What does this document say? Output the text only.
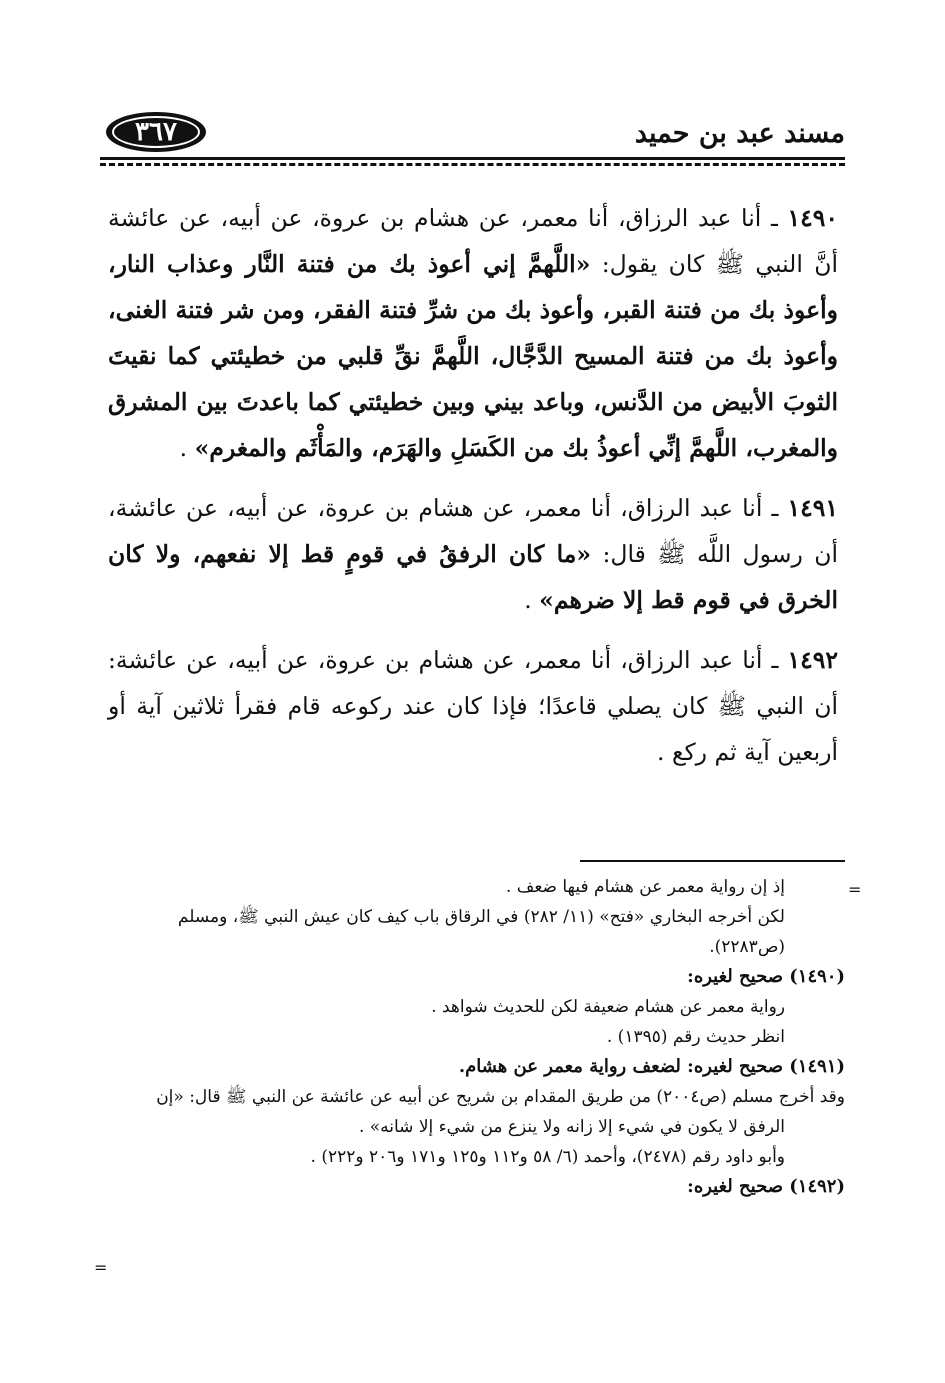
٣٦٧	مسند عبد بن حميد

١٤٩٠ ـ أنا عبد الرزاق، أنا معمر، عن هشام بن عروة، عن أبيه، عن عائشة أنَّ النبي ﷺ كان يقول: «اللَّهمَّ إني أعوذ بك من فتنة النَّار وعذاب النار، وأعوذ بك من فتنة القبر، وأعوذ بك من شرِّ فتنة الفقر، ومن شر فتنة الغنى، وأعوذ بك من فتنة المسيح الدَّجَّال، اللَّهمَّ نقِّ قلبي من خطيئتي كما نقيتَ الثوبَ الأبيض من الدَّنس، وباعد بيني وبين خطيئتي كما باعدتَ بين المشرق والمغرب، اللَّهمَّ إنِّي أعوذُ بك من الكَسَلِ والهَرَم، والمَأْثَم والمغرم» .

١٤٩١ ـ أنا عبد الرزاق، أنا معمر، عن هشام بن عروة، عن أبيه، عن عائشة، أن رسول اللَّه ﷺ قال: «ما كان الرفقُ في قومٍ قط إلا نفعهم، ولا كان الخرق في قوم قط إلا ضرهم» .

١٤٩٢ ـ أنا عبد الرزاق، أنا معمر، عن هشام بن عروة، عن أبيه، عن عائشة: أن النبي ﷺ كان يصلي قاعدًا؛ فإذا كان عند ركوعه قام فقرأ ثلاثين آية أو أربعين آية ثم ركع .

=
=

إذ إن رواية معمر عن هشام فيها ضعف .

لكن أخرجه البخاري «فتح» (١١/ ٢٨٢) في الرقاق باب كيف كان عيش النبي ﷺ، ومسلم (ص٢٢٨٣).

(١٤٩٠) صحيح لغيره:

رواية معمر عن هشام ضعيفة لكن للحديث شواهد .

انظر حديث رقم (١٣٩٥) .

(١٤٩١) صحيح لغيره: لضعف رواية معمر عن هشام.

وقد أخرج مسلم (ص٢٠٠٤) من طريق المقدام بن شريح عن أبيه عن عائشة عن النبي ﷺ قال: «إن

الرفق لا يكون في شيء إلا زانه ولا ينزع من شيء إلا شانه» .

وأبو داود رقم (٢٤٧٨)، وأحمد (٦/ ٥٨ و١١٢ و١٢٥ و١٧١ و٢٠٦ و٢٢٢) .

(١٤٩٢) صحيح لغيره:
